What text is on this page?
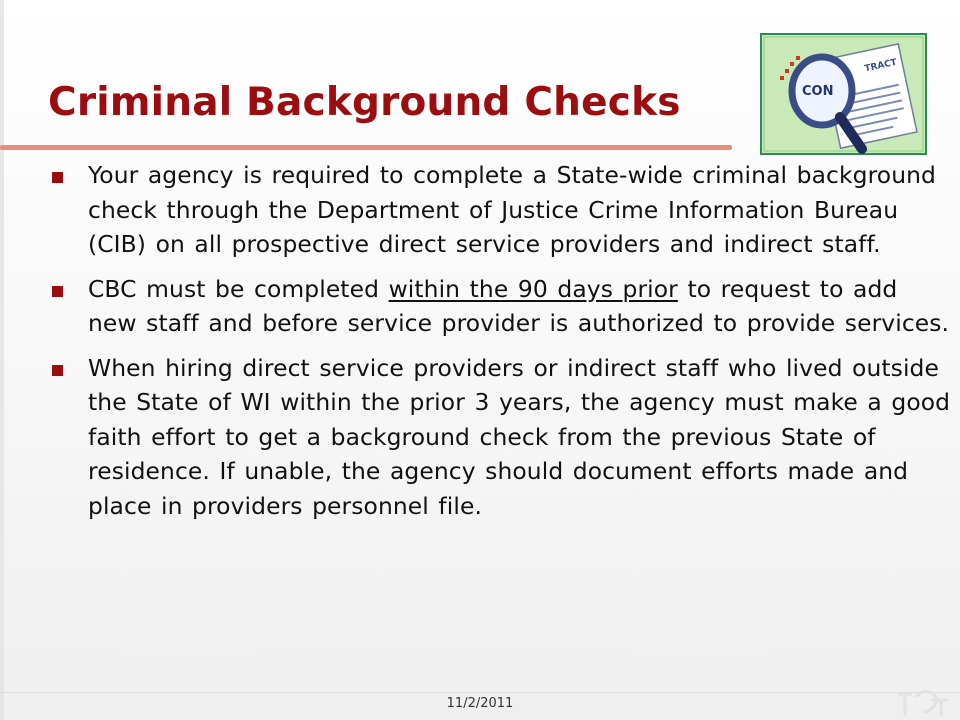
Criminal Background Checks
TRACT
CON
Your agency is required to complete a State-wide criminal background check through the Department of Justice Crime Information Bureau (CIB) on all prospective direct service providers and indirect staff.
CBC must be completed within the 90 days prior to request to add new staff and before service provider is authorized to provide services.
When hiring direct service providers or indirect staff who lived outside the State of WI within the prior 3 years, the agency must make a good faith effort to get a background check from the previous State of residence. If unable, the agency should document efforts made and place in providers personnel file.
11/2/2011
